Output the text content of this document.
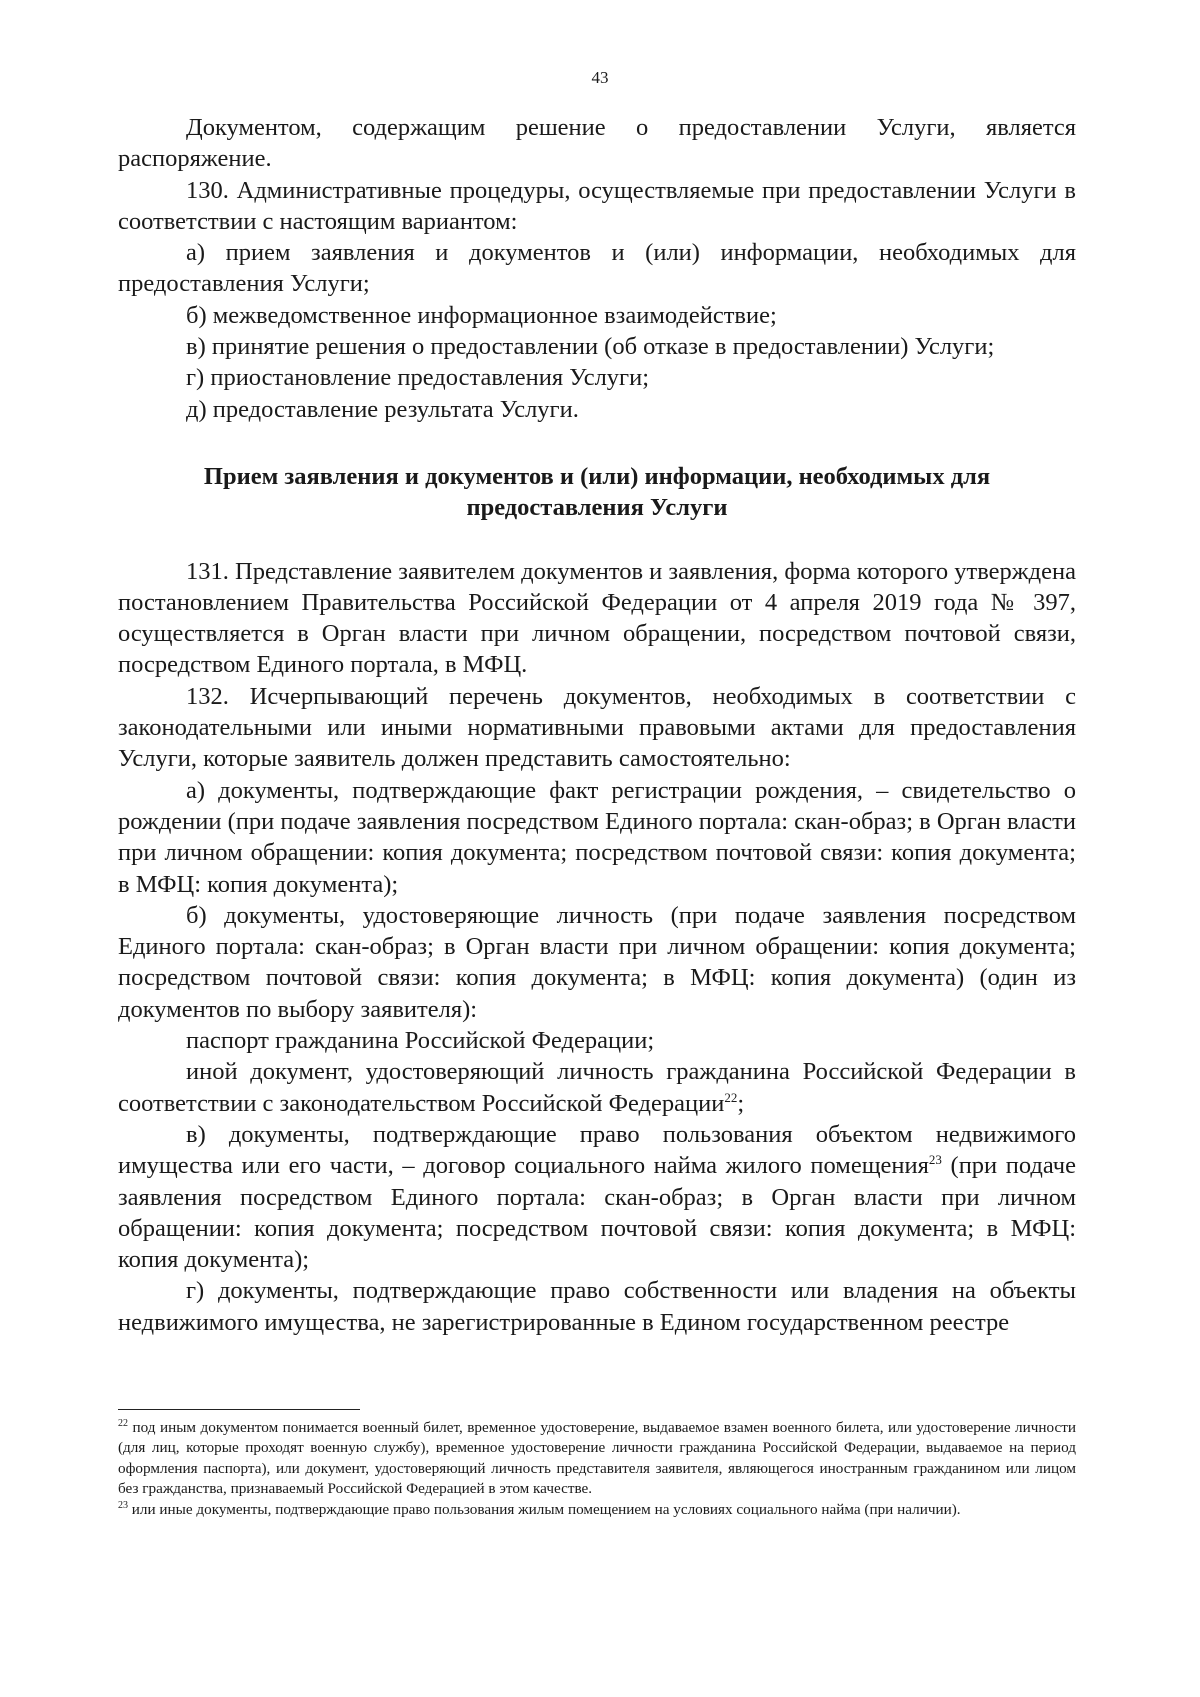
43

Документом, содержащим решение о предоставлении Услуги, является распоряжение.

130. Административные процедуры, осуществляемые при предоставлении Услуги в соответствии с настоящим вариантом:

а) прием заявления и документов и (или) информации, необходимых для предоставления Услуги;

б) межведомственное информационное взаимодействие;

в) принятие решения о предоставлении (об отказе в предоставлении) Услуги;

г) приостановление предоставления Услуги;

д) предоставление результата Услуги.

Прием заявления и документов и (или) информации, необходимых для предоставления Услуги

131. Представление заявителем документов и заявления, форма которого утверждена постановлением Правительства Российской Федерации от 4 апреля 2019 года № 397, осуществляется в Орган власти при личном обращении, посредством почтовой связи, посредством Единого портала, в МФЦ.

132. Исчерпывающий перечень документов, необходимых в соответствии с законодательными или иными нормативными правовыми актами для предоставления Услуги, которые заявитель должен представить самостоятельно:

а) документы, подтверждающие факт регистрации рождения, – свидетельство о рождении (при подаче заявления посредством Единого портала: скан-образ; в Орган власти при личном обращении: копия документа; посредством почтовой связи: копия документа; в МФЦ: копия документа);

б) документы, удостоверяющие личность (при подаче заявления посредством Единого портала: скан-образ; в Орган власти при личном обращении: копия документа; посредством почтовой связи: копия документа; в МФЦ: копия документа) (один из документов по выбору заявителя):

паспорт гражданина Российской Федерации;

иной документ, удостоверяющий личность гражданина Российской Федерации в соответствии с законодательством Российской Федерации$^{22}$;

в) документы, подтверждающие право пользования объектом недвижимого имущества или его части, – договор социального найма жилого помещения$^{23}$ (при подаче заявления посредством Единого портала: скан-образ; в Орган власти при личном обращении: копия документа; посредством почтовой связи: копия документа; в МФЦ: копия документа);

г) документы, подтверждающие право собственности или владения на объекты недвижимого имущества, не зарегистрированные в Едином государственном реестре

$^{22}$ под иным документом понимается военный билет, временное удостоверение, выдаваемое взамен военного билета, или удостоверение личности (для лиц, которые проходят военную службу), временное удостоверение личности гражданина Российской Федерации, выдаваемое на период оформления паспорта), или документ, удостоверяющий личность представителя заявителя, являющегося иностранным гражданином или лицом без гражданства, признаваемый Российской Федерацией в этом качестве.

$^{23}$ или иные документы, подтверждающие право пользования жилым помещением на условиях социального найма (при наличии).
